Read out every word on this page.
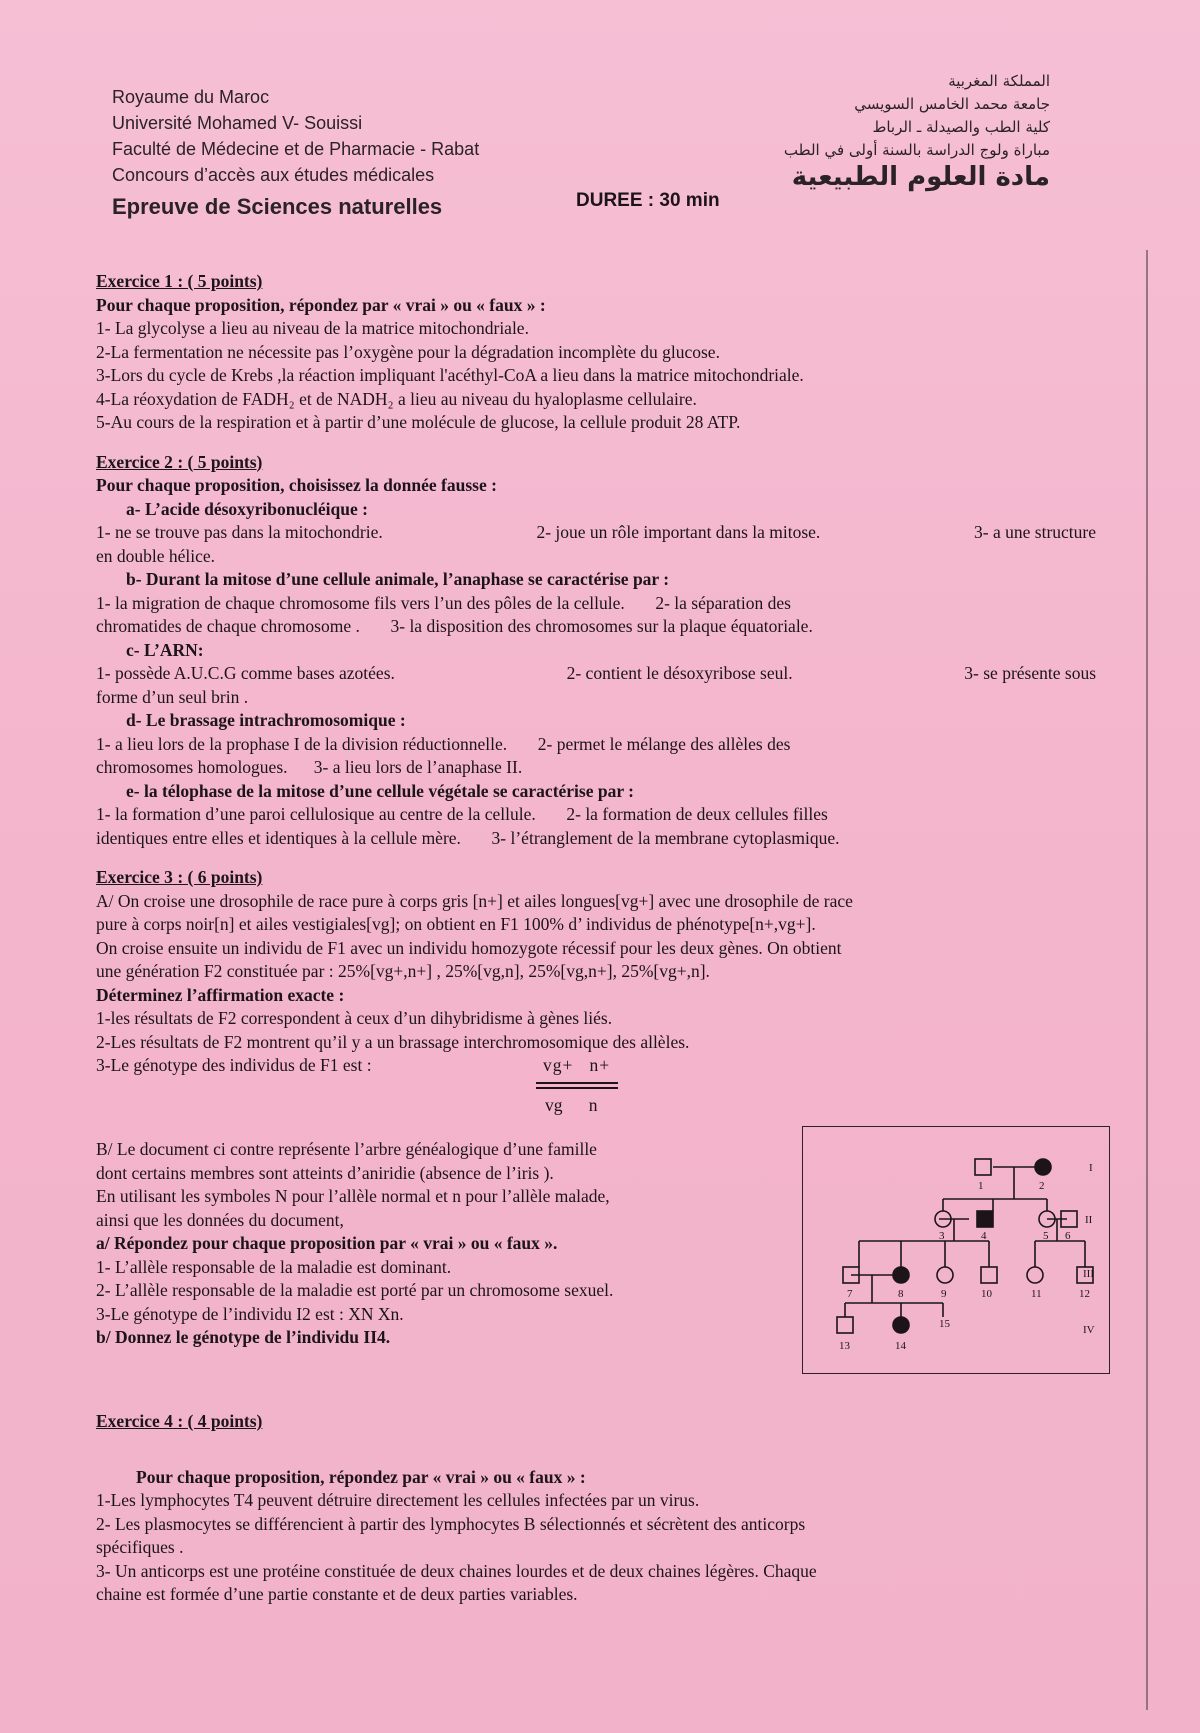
Royaume du Maroc
Université Mohamed V- Souissi
Faculté de Médecine et de Pharmacie - Rabat
Concours d’accès aux études médicales
Epreuve de Sciences naturelles	DUREE : 30 min
المملكة المغربية
جامعة محمد الخامس السويسي
كلية الطب والصيدلة ـ الرباط
مباراة ولوج الدراسة بالسنة أولى في الطب
مادة العلوم الطبيعية

Exercice 1 : ( 5 points)

Pour chaque proposition, répondez par « vrai » ou « faux » :

1- La glycolyse a lieu au niveau de la matrice mitochondriale.

2-La fermentation ne nécessite pas l’oxygène pour la dégradation incomplète du glucose.

3-Lors du cycle de Krebs ,la réaction impliquant l'acéthyl-CoA a lieu dans la matrice mitochondriale.

4-La réoxydation de FADH₂ et de NADH₂ a lieu au niveau du hyaloplasme cellulaire.

5-Au cours de la respiration et à partir d’une molécule de glucose, la cellule produit 28 ATP.

Exercice 2 : ( 5 points)

Pour chaque proposition, choisissez la donnée fausse :

a- L’acide désoxyribonucléique :

1- ne se trouve pas dans la mitochondrie.	2- joue un rôle important dans la mitose.	3- a une structure

en double hélice.

b- Durant la mitose d’une cellule animale, l’anaphase se caractérise par :

1- la migration de chaque chromosome fils vers l’un des pôles de la cellule.       2- la séparation des

chromatides de chaque chromosome .       3- la disposition des chromosomes sur la plaque équatoriale.

c- L’ARN:

1- possède A.U.C.G comme bases azotées.	2- contient le désoxyribose seul.	3- se présente sous

forme d’un seul brin .

d- Le brassage intrachromosomique :

1- a lieu lors de la prophase I de la division réductionnelle.       2- permet le mélange des allèles des

chromosomes homologues.      3- a lieu lors de l’anaphase II.

e- la télophase de la mitose d’une cellule végétale se caractérise par :

1- la formation d’une paroi cellulosique au centre de la cellule.       2- la formation de deux cellules filles

identiques entre elles et identiques à la cellule mère.       3- l’étranglement de la membrane cytoplasmique.

Exercice 3 : ( 6 points)

A/ On croise une drosophile de race pure à corps gris [n+] et ailes longues[vg+] avec une drosophile de race

pure à corps noir[n] et ailes vestigiales[vg]; on obtient en F1 100% d’ individus de phénotype[n+,vg+].

On croise ensuite un individu de F1 avec un individu homozygote récessif pour les deux gènes. On obtient

une génération F2 constituée par : 25%[vg+,n+] , 25%[vg,n], 25%[vg,n+], 25%[vg+,n].

Déterminez l’affirmation exacte :

1-les résultats de F2 correspondent à ceux d’un dihybridisme à gènes liés.

2-Les résultats de F2 montrent qu’il y a un brassage interchromosomique des allèles.

3-Le génotype des individus de F1 est :	vg+   n+
vg      n

B/ Le document ci contre représente l’arbre généalogique d’une famille

dont certains membres sont atteints d’aniridie (absence de l’iris ).

En utilisant les symboles N pour l’allèle normal et n pour l’allèle malade,

ainsi que les données du document,

a/ Répondez pour chaque proposition par « vrai » ou « faux ».

1- L’allèle responsable de la maladie est dominant.

2- L’allèle responsable de la maladie est porté par un chromosome sexuel.

3-Le génotype de l’individu I2 est : XN Xn.

b/ Donnez le génotype de l’individu II4.

I
II
III
IV
1	2
3	4	5 6
7	8	9	10	11	12
13	14
15

Exercice 4 : ( 4 points)

Pour chaque proposition, répondez par « vrai » ou « faux » :

1-Les lymphocytes T4 peuvent détruire directement les cellules infectées par un virus.

2- Les plasmocytes se différencient à partir des lymphocytes B sélectionnés et sécrètent des anticorps

spécifiques .

3- Un anticorps est une protéine constituée de deux chaines lourdes et de deux chaines légères. Chaque

chaine est formée d’une partie constante et de deux parties variables.
